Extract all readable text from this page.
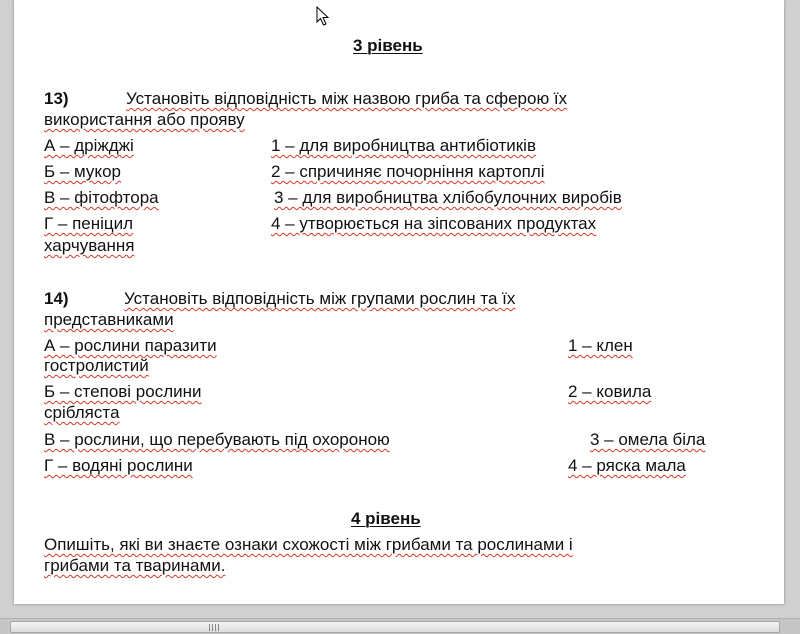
3 рівень
13)	Установіть відповідність між назвою гриба та сферою їх
використання або прояву
А – дріжджі
Б – мукор
В – фітофтора
Г – пеніцил
харчування
1 – для виробництва антибіотиків
2 – спричиняє почорніння картоплі
3 – для виробництва хлібобулочних виробів
4 – утворюється на зіпсованих продуктах
14)	Установіть відповідність між групами рослин та їх
представниками
А – рослини паразити
гостролистий
Б – степові рослини
сріблястa
В – рослини, що перебувають під охороною
Г – водяні рослини
1 – клен
2 – ковила
3 – омела біла
4 – ряска мала
4 рівень
Опишіть, які ви знаєте ознаки схожості між грибами та рослинами і
грибами та тваринами.
